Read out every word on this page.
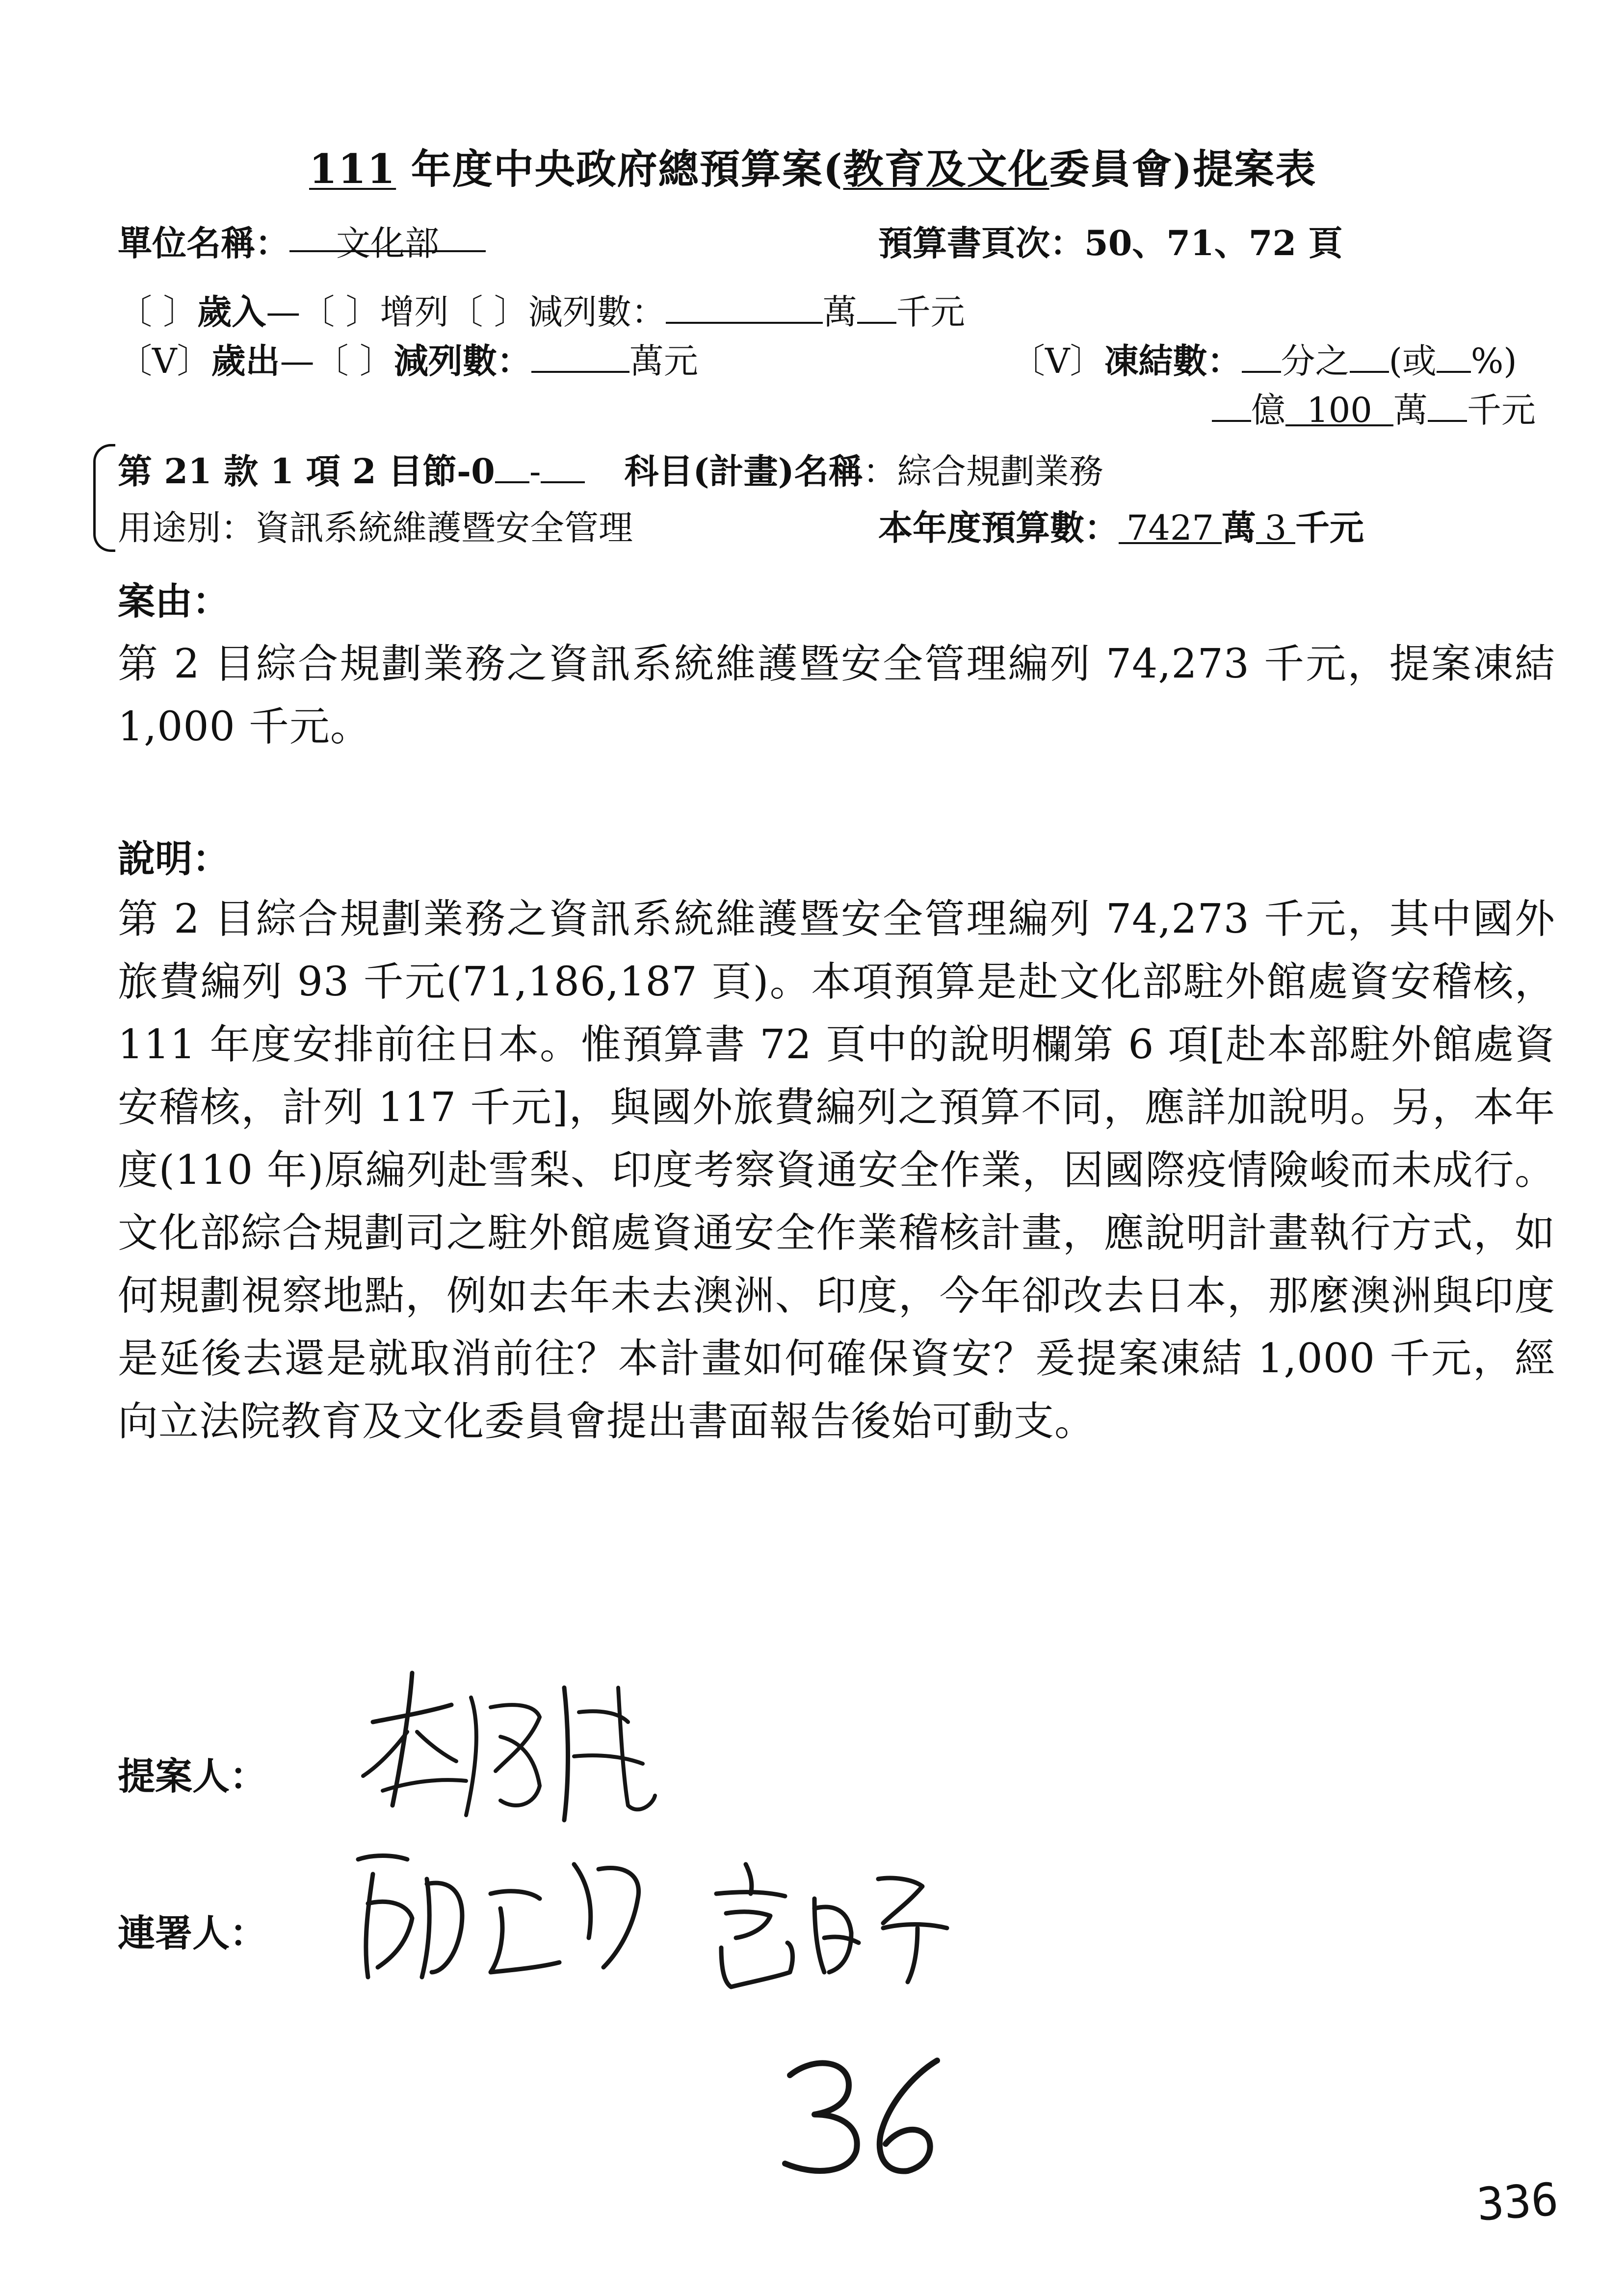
111 年度中央政府總預算案(教育及文化委員會)提案表
單位名稱： 文化部	預算書頁次：50、71、72 頁
〔 〕歲入—〔 〕增列〔 〕減列數：	萬 千元
〔V〕歲出—〔 〕減列數：	萬元	〔V〕凍結數： 分之 (或 %)
億 100 萬 千元
第 21 款 1 項 2 目節-0 - 科目(計畫)名稱：綜合規劃業務
用途別：資訊系統維護暨安全管理	本年度預算數： 7427 萬 3 千元
案由：
第 2 目綜合規劃業務之資訊系統維護暨安全管理編列 74,273 千元，提案凍結 1,000 千元。
說明：
第 2 目綜合規劃業務之資訊系統維護暨安全管理編列 74,273 千元，其中國外旅費編列 93 千元(71,186,187 頁)。本項預算是赴文化部駐外館處資安稽核，111 年度安排前往日本。惟預算書 72 頁中的說明欄第 6 項[赴本部駐外館處資安稽核，計列 117 千元]，與國外旅費編列之預算不同，應詳加說明。另，本年度(110 年)原編列赴雪梨、印度考察資通安全作業，因國際疫情險峻而未成行。文化部綜合規劃司之駐外館處資通安全作業稽核計畫，應說明計畫執行方式，如何規劃視察地點，例如去年未去澳洲、印度，今年卻改去日本，那麼澳洲與印度是延後去還是就取消前往？本計畫如何確保資安？爰提案凍結 1,000 千元，經向立法院教育及文化委員會提出書面報告後始可動支。
提案人：
連署人：
336
